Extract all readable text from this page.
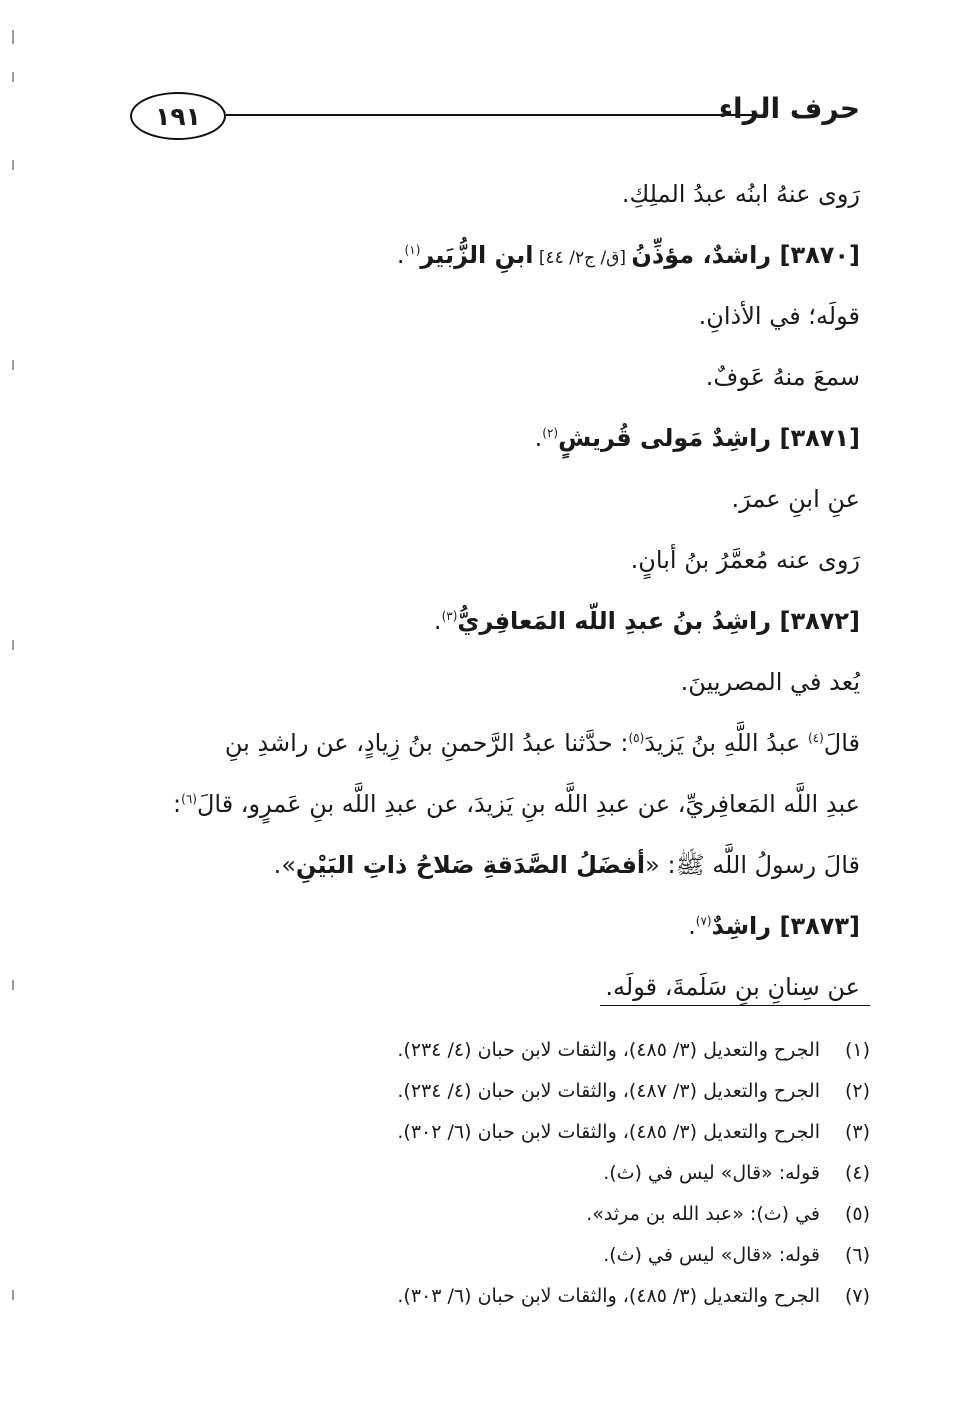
١٩١	حرف الراء
رَوى عنهُ ابنُه عبدُ الملِكِ.
[٣٨٧٠] راشدٌ، مؤذِّنُ [ق/ ج٢/ ٤٤] ابنِ الزُّبَير$^{(١)}$.
قولَه؛ في الأذانِ.
سمعَ منهُ عَوفٌ.
[٣٨٧١] راشِدٌ مَولى قُريشٍ$^{(٢)}$.
عنِ ابنِ عمرَ.
رَوى عنه مُعمَّرُ بنُ أبانٍ.
[٣٨٧٢] راشِدُ بنُ عبدِ اللّه المَعافِريُّ$^{(٣)}$.
يُعد في المصريينَ.
قالَ$^{(٤)}$ عبدُ اللَّهِ بنُ يَزيدَ$^{(٥)}$: حدَّثنا عبدُ الرَّحمنِ بنُ زِيادٍ، عن راشدِ بنِ
عبدِ اللَّه المَعافِريِّ، عن عبدِ اللَّه بنِ يَزيدَ، عن عبدِ اللَّه بنِ عَمرٍو، قالَ$^{(٦)}$:
قالَ رسولُ اللَّه ﷺ: «أفضَلُ الصَّدَقةِ صَلاحُ ذاتِ البَيْنِ».
[٣٨٧٣] راشِدٌ$^{(٧)}$.
عن سِنانِ بنِ سَلَمةَ، قولَه.
(١)الجرح والتعديل (٣/ ٤٨٥)، والثقات لابن حبان (٤/ ٢٣٤).
(٢)الجرح والتعديل (٣/ ٤٨٧)، والثقات لابن حبان (٤/ ٢٣٤).
(٣)الجرح والتعديل (٣/ ٤٨٥)، والثقات لابن حبان (٦/ ٣٠٢).
(٤)قوله: «قال» ليس في (ث).
(٥)في (ث): «عبد الله بن مرثد».
(٦)قوله: «قال» ليس في (ث).
(٧)الجرح والتعديل (٣/ ٤٨٥)، والثقات لابن حبان (٦/ ٣٠٣).
